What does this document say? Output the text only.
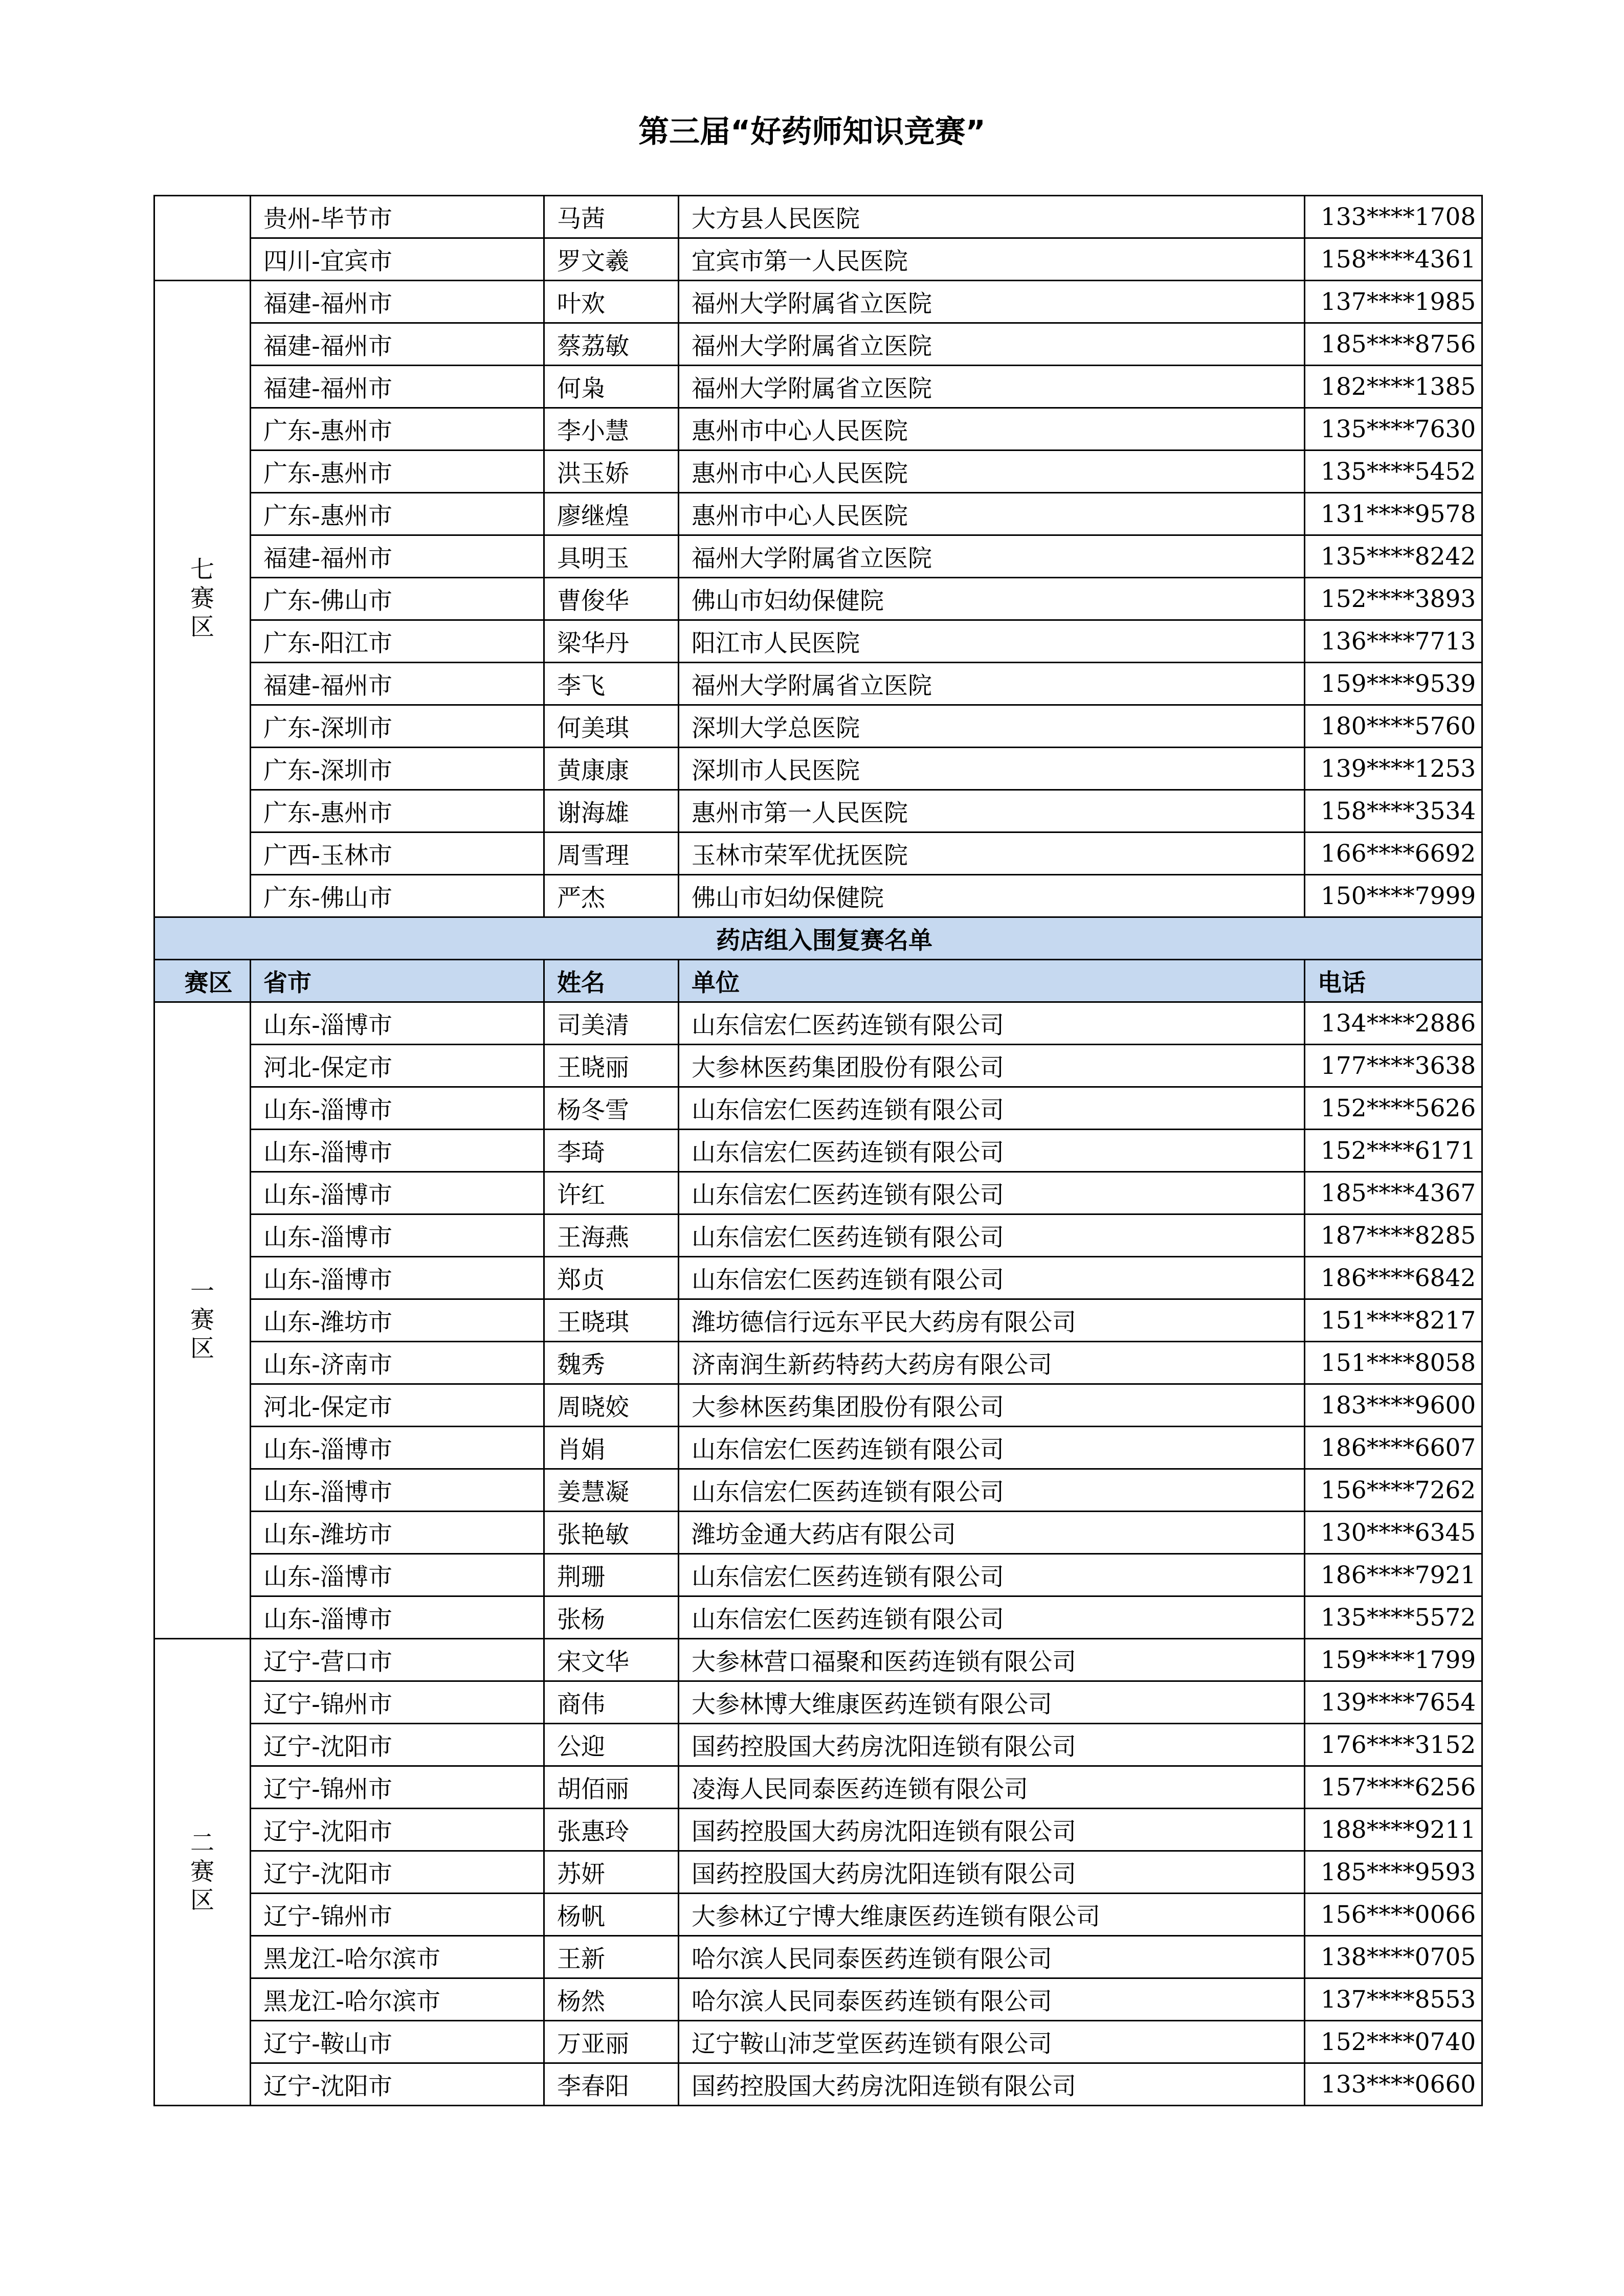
第三届“好药师知识竞赛”
	贵州-毕节市	马茜	大方县人民医院	133****1708
	四川-宜宾市	罗文羲	宜宾市第一人民医院	158****4361
七赛区	福建-福州市	叶欢	福州大学附属省立医院	137****1985
	福建-福州市	蔡荔敏	福州大学附属省立医院	185****8756
	福建-福州市	何枭	福州大学附属省立医院	182****1385
	广东-惠州市	李小慧	惠州市中心人民医院	135****7630
	广东-惠州市	洪玉娇	惠州市中心人民医院	135****5452
	广东-惠州市	廖继煌	惠州市中心人民医院	131****9578
	福建-福州市	具明玉	福州大学附属省立医院	135****8242
	广东-佛山市	曹俊华	佛山市妇幼保健院	152****3893
	广东-阳江市	梁华丹	阳江市人民医院	136****7713
	福建-福州市	李飞	福州大学附属省立医院	159****9539
	广东-深圳市	何美琪	深圳大学总医院	180****5760
	广东-深圳市	黄康康	深圳市人民医院	139****1253
	广东-惠州市	谢海雄	惠州市第一人民医院	158****3534
	广西-玉林市	周雪理	玉林市荣军优抚医院	166****6692
	广东-佛山市	严杰	佛山市妇幼保健院	150****7999
药店组入围复赛名单				
赛区	省市	姓名	单位	电话
一赛区	山东-淄博市	司美清	山东信宏仁医药连锁有限公司	134****2886
	河北-保定市	王晓丽	大参林医药集团股份有限公司	177****3638
	山东-淄博市	杨冬雪	山东信宏仁医药连锁有限公司	152****5626
	山东-淄博市	李琦	山东信宏仁医药连锁有限公司	152****6171
	山东-淄博市	许红	山东信宏仁医药连锁有限公司	185****4367
	山东-淄博市	王海燕	山东信宏仁医药连锁有限公司	187****8285
	山东-淄博市	郑贞	山东信宏仁医药连锁有限公司	186****6842
	山东-潍坊市	王晓琪	潍坊德信行远东平民大药房有限公司	151****8217
	山东-济南市	魏秀	济南润生新药特药大药房有限公司	151****8058
	河北-保定市	周晓姣	大参林医药集团股份有限公司	183****9600
	山东-淄博市	肖娟	山东信宏仁医药连锁有限公司	186****6607
	山东-淄博市	姜慧凝	山东信宏仁医药连锁有限公司	156****7262
	山东-潍坊市	张艳敏	潍坊金通大药店有限公司	130****6345
	山东-淄博市	荆珊	山东信宏仁医药连锁有限公司	186****7921
	山东-淄博市	张杨	山东信宏仁医药连锁有限公司	135****5572
二赛区	辽宁-营口市	宋文华	大参林营口福聚和医药连锁有限公司	159****1799
	辽宁-锦州市	商伟	大参林博大维康医药连锁有限公司	139****7654
	辽宁-沈阳市	公迎	国药控股国大药房沈阳连锁有限公司	176****3152
	辽宁-锦州市	胡佰丽	凌海人民同泰医药连锁有限公司	157****6256
	辽宁-沈阳市	张惠玲	国药控股国大药房沈阳连锁有限公司	188****9211
	辽宁-沈阳市	苏妍	国药控股国大药房沈阳连锁有限公司	185****9593
	辽宁-锦州市	杨帆	大参林辽宁博大维康医药连锁有限公司	156****0066
	黑龙江-哈尔滨市	王新	哈尔滨人民同泰医药连锁有限公司	138****0705
	黑龙江-哈尔滨市	杨然	哈尔滨人民同泰医药连锁有限公司	137****8553
	辽宁-鞍山市	万亚丽	辽宁鞍山沛芝堂医药连锁有限公司	152****0740
	辽宁-沈阳市	李春阳	国药控股国大药房沈阳连锁有限公司	133****0660
